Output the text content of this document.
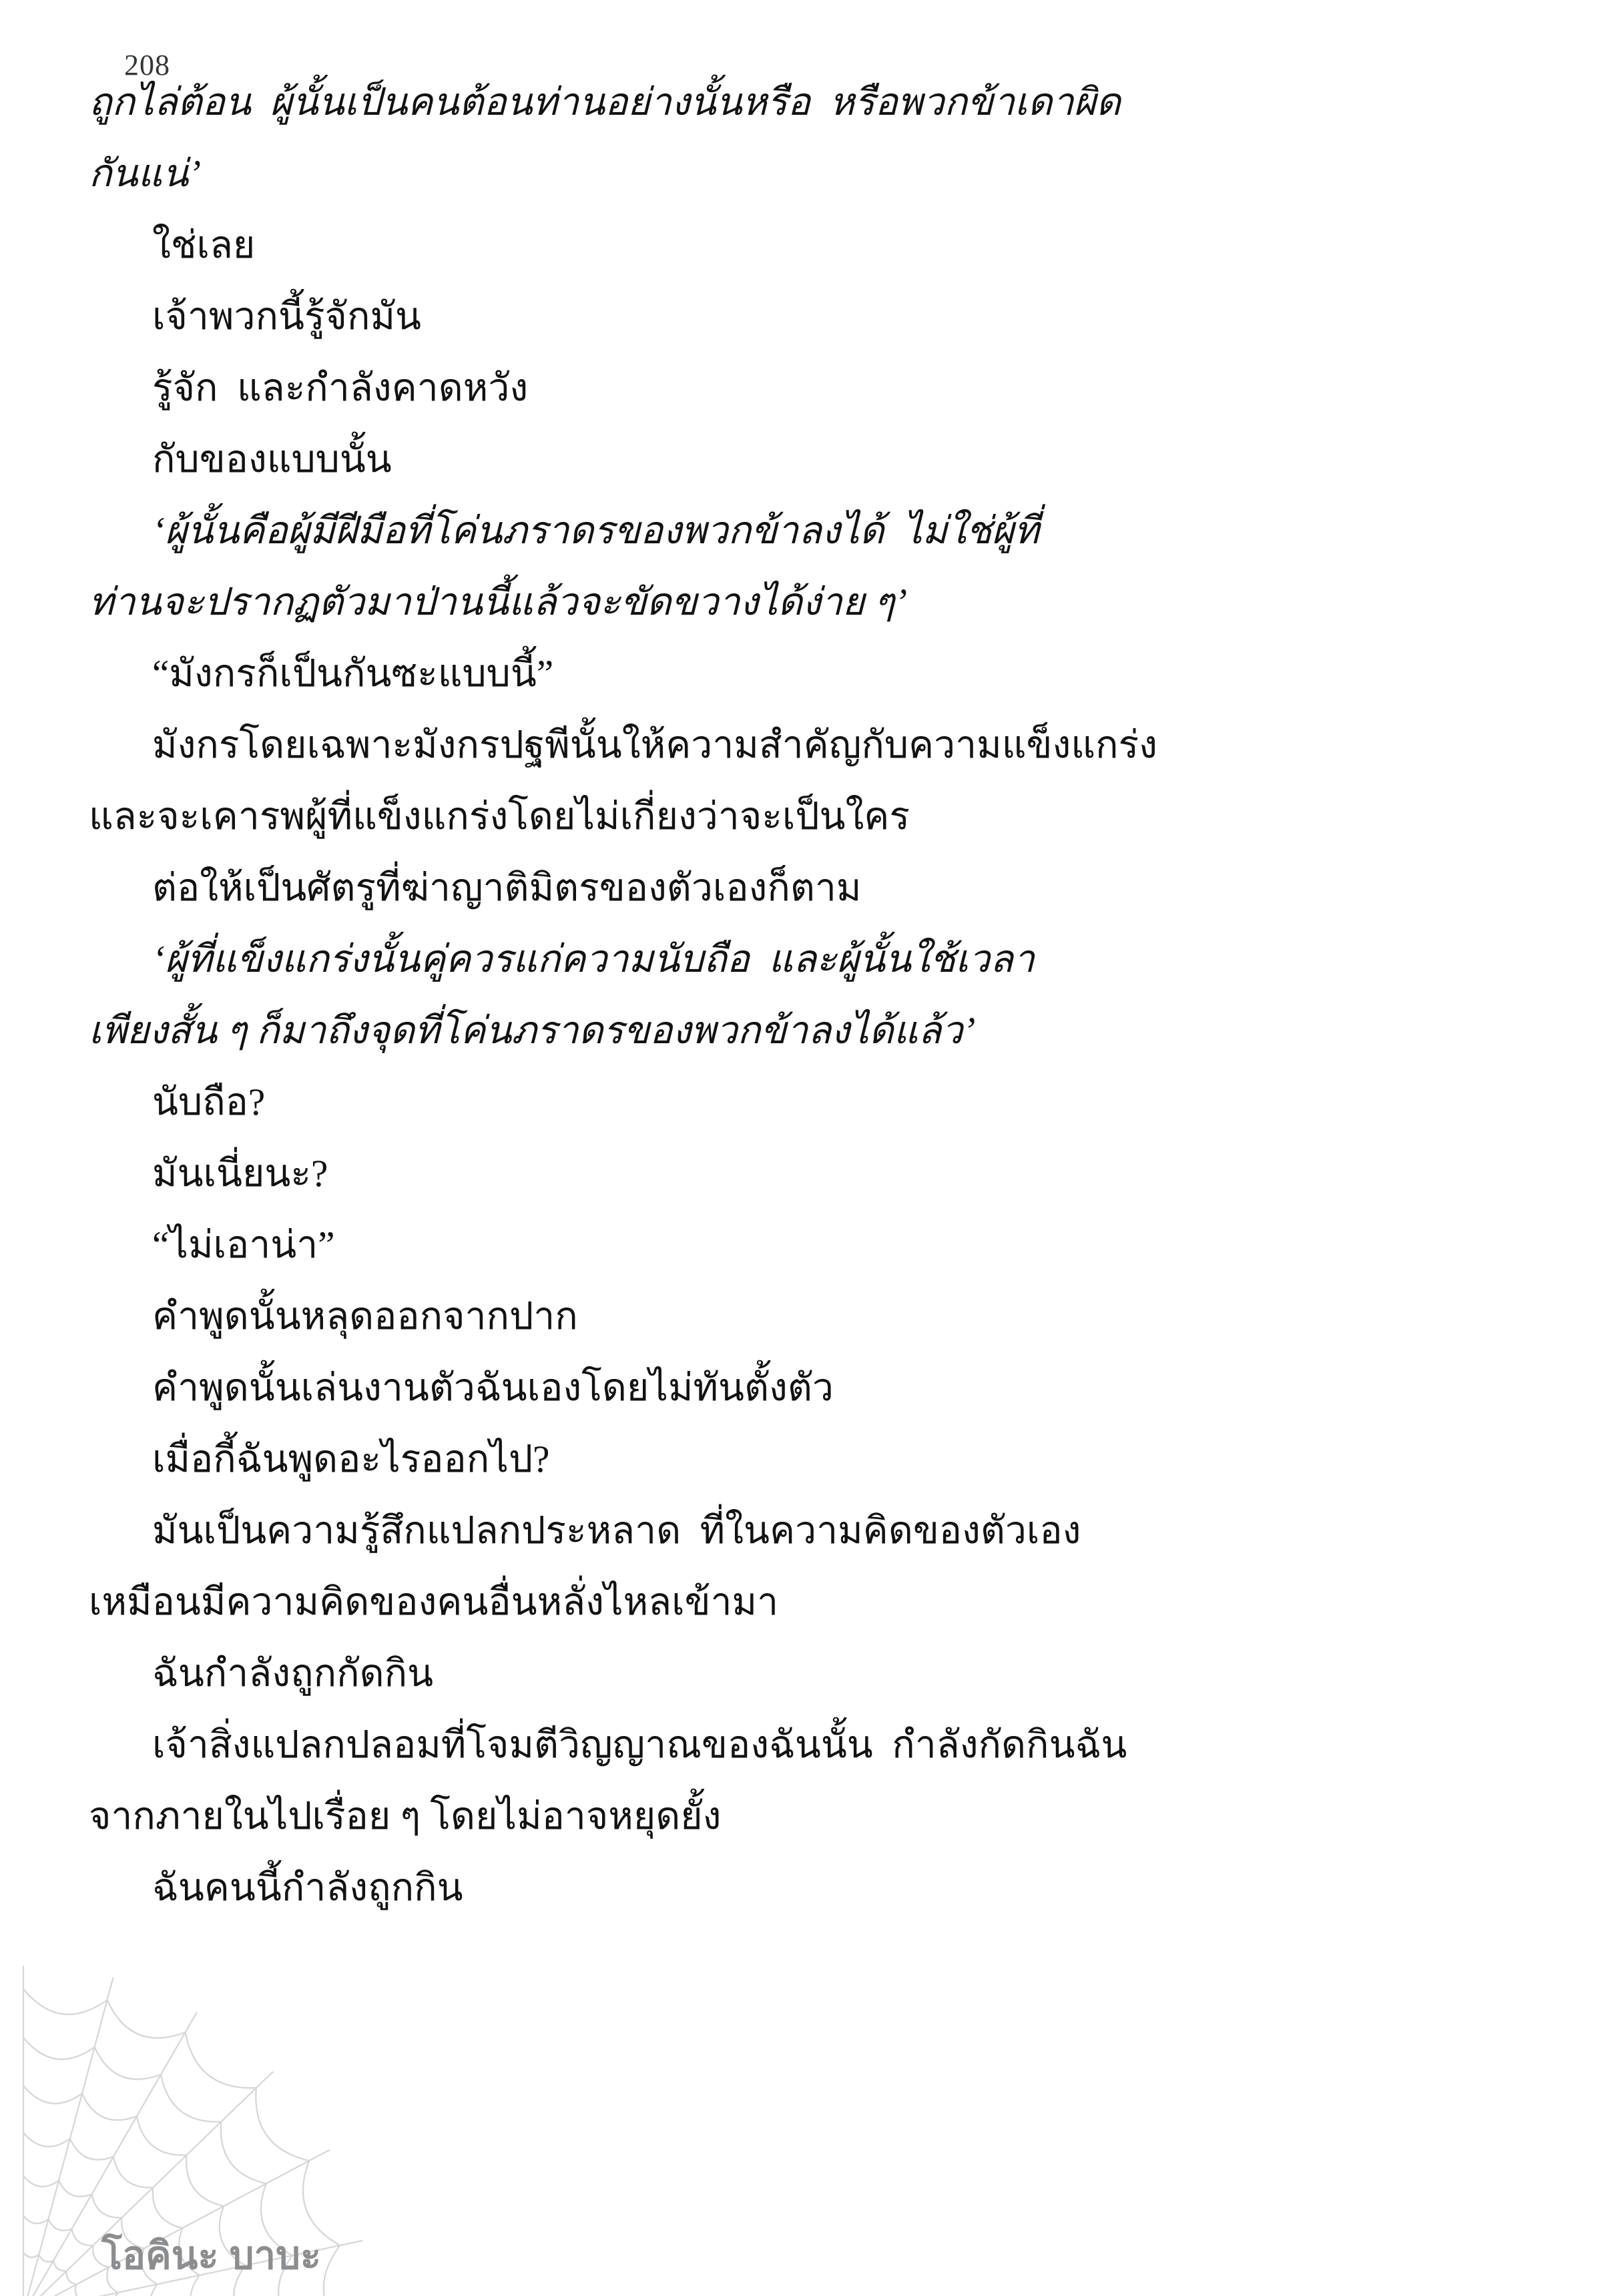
208
ถูกไล่ต้อน  ผู้นั้นเป็นคนต้อนท่านอย่างนั้นหรือ  หรือพวกข้าเดาผิด
กันแน่’
ใช่เลย
เจ้าพวกนี้รู้จักมัน
รู้จัก  และกำลังคาดหวัง
กับของแบบนั้น
‘ผู้นั้นคือผู้มีฝีมือที่โค่นภราดรของพวกข้าลงได้  ไม่ใช่ผู้ที่
ท่านจะปรากฏตัวมาป่านนี้แล้วจะขัดขวางได้ง่าย ๆ’
“มังกรก็เป็นกันซะแบบนี้”
มังกรโดยเฉพาะมังกรปฐพีนั้นให้ความสำคัญกับความแข็งแกร่ง
และจะเคารพผู้ที่แข็งแกร่งโดยไม่เกี่ยงว่าจะเป็นใคร
ต่อให้เป็นศัตรูที่ฆ่าญาติมิตรของตัวเองก็ตาม
‘ผู้ที่แข็งแกร่งนั้นคู่ควรแก่ความนับถือ  และผู้นั้นใช้เวลา
เพียงสั้น ๆ ก็มาถึงจุดที่โค่นภราดรของพวกข้าลงได้แล้ว’
นับถือ?
มันเนี่ยนะ?
“ไม่เอาน่า”
คำพูดนั้นหลุดออกจากปาก
คำพูดนั้นเล่นงานตัวฉันเองโดยไม่ทันตั้งตัว
เมื่อกี้ฉันพูดอะไรออกไป?
มันเป็นความรู้สึกแปลกประหลาด  ที่ในความคิดของตัวเอง
เหมือนมีความคิดของคนอื่นหลั่งไหลเข้ามา
ฉันกำลังถูกกัดกิน
เจ้าสิ่งแปลกปลอมที่โจมตีวิญญาณของฉันนั้น  กำลังกัดกินฉัน
จากภายในไปเรื่อย ๆ โดยไม่อาจหยุดยั้ง
ฉันคนนี้กำลังถูกกิน
โอคินะ บาบะ
